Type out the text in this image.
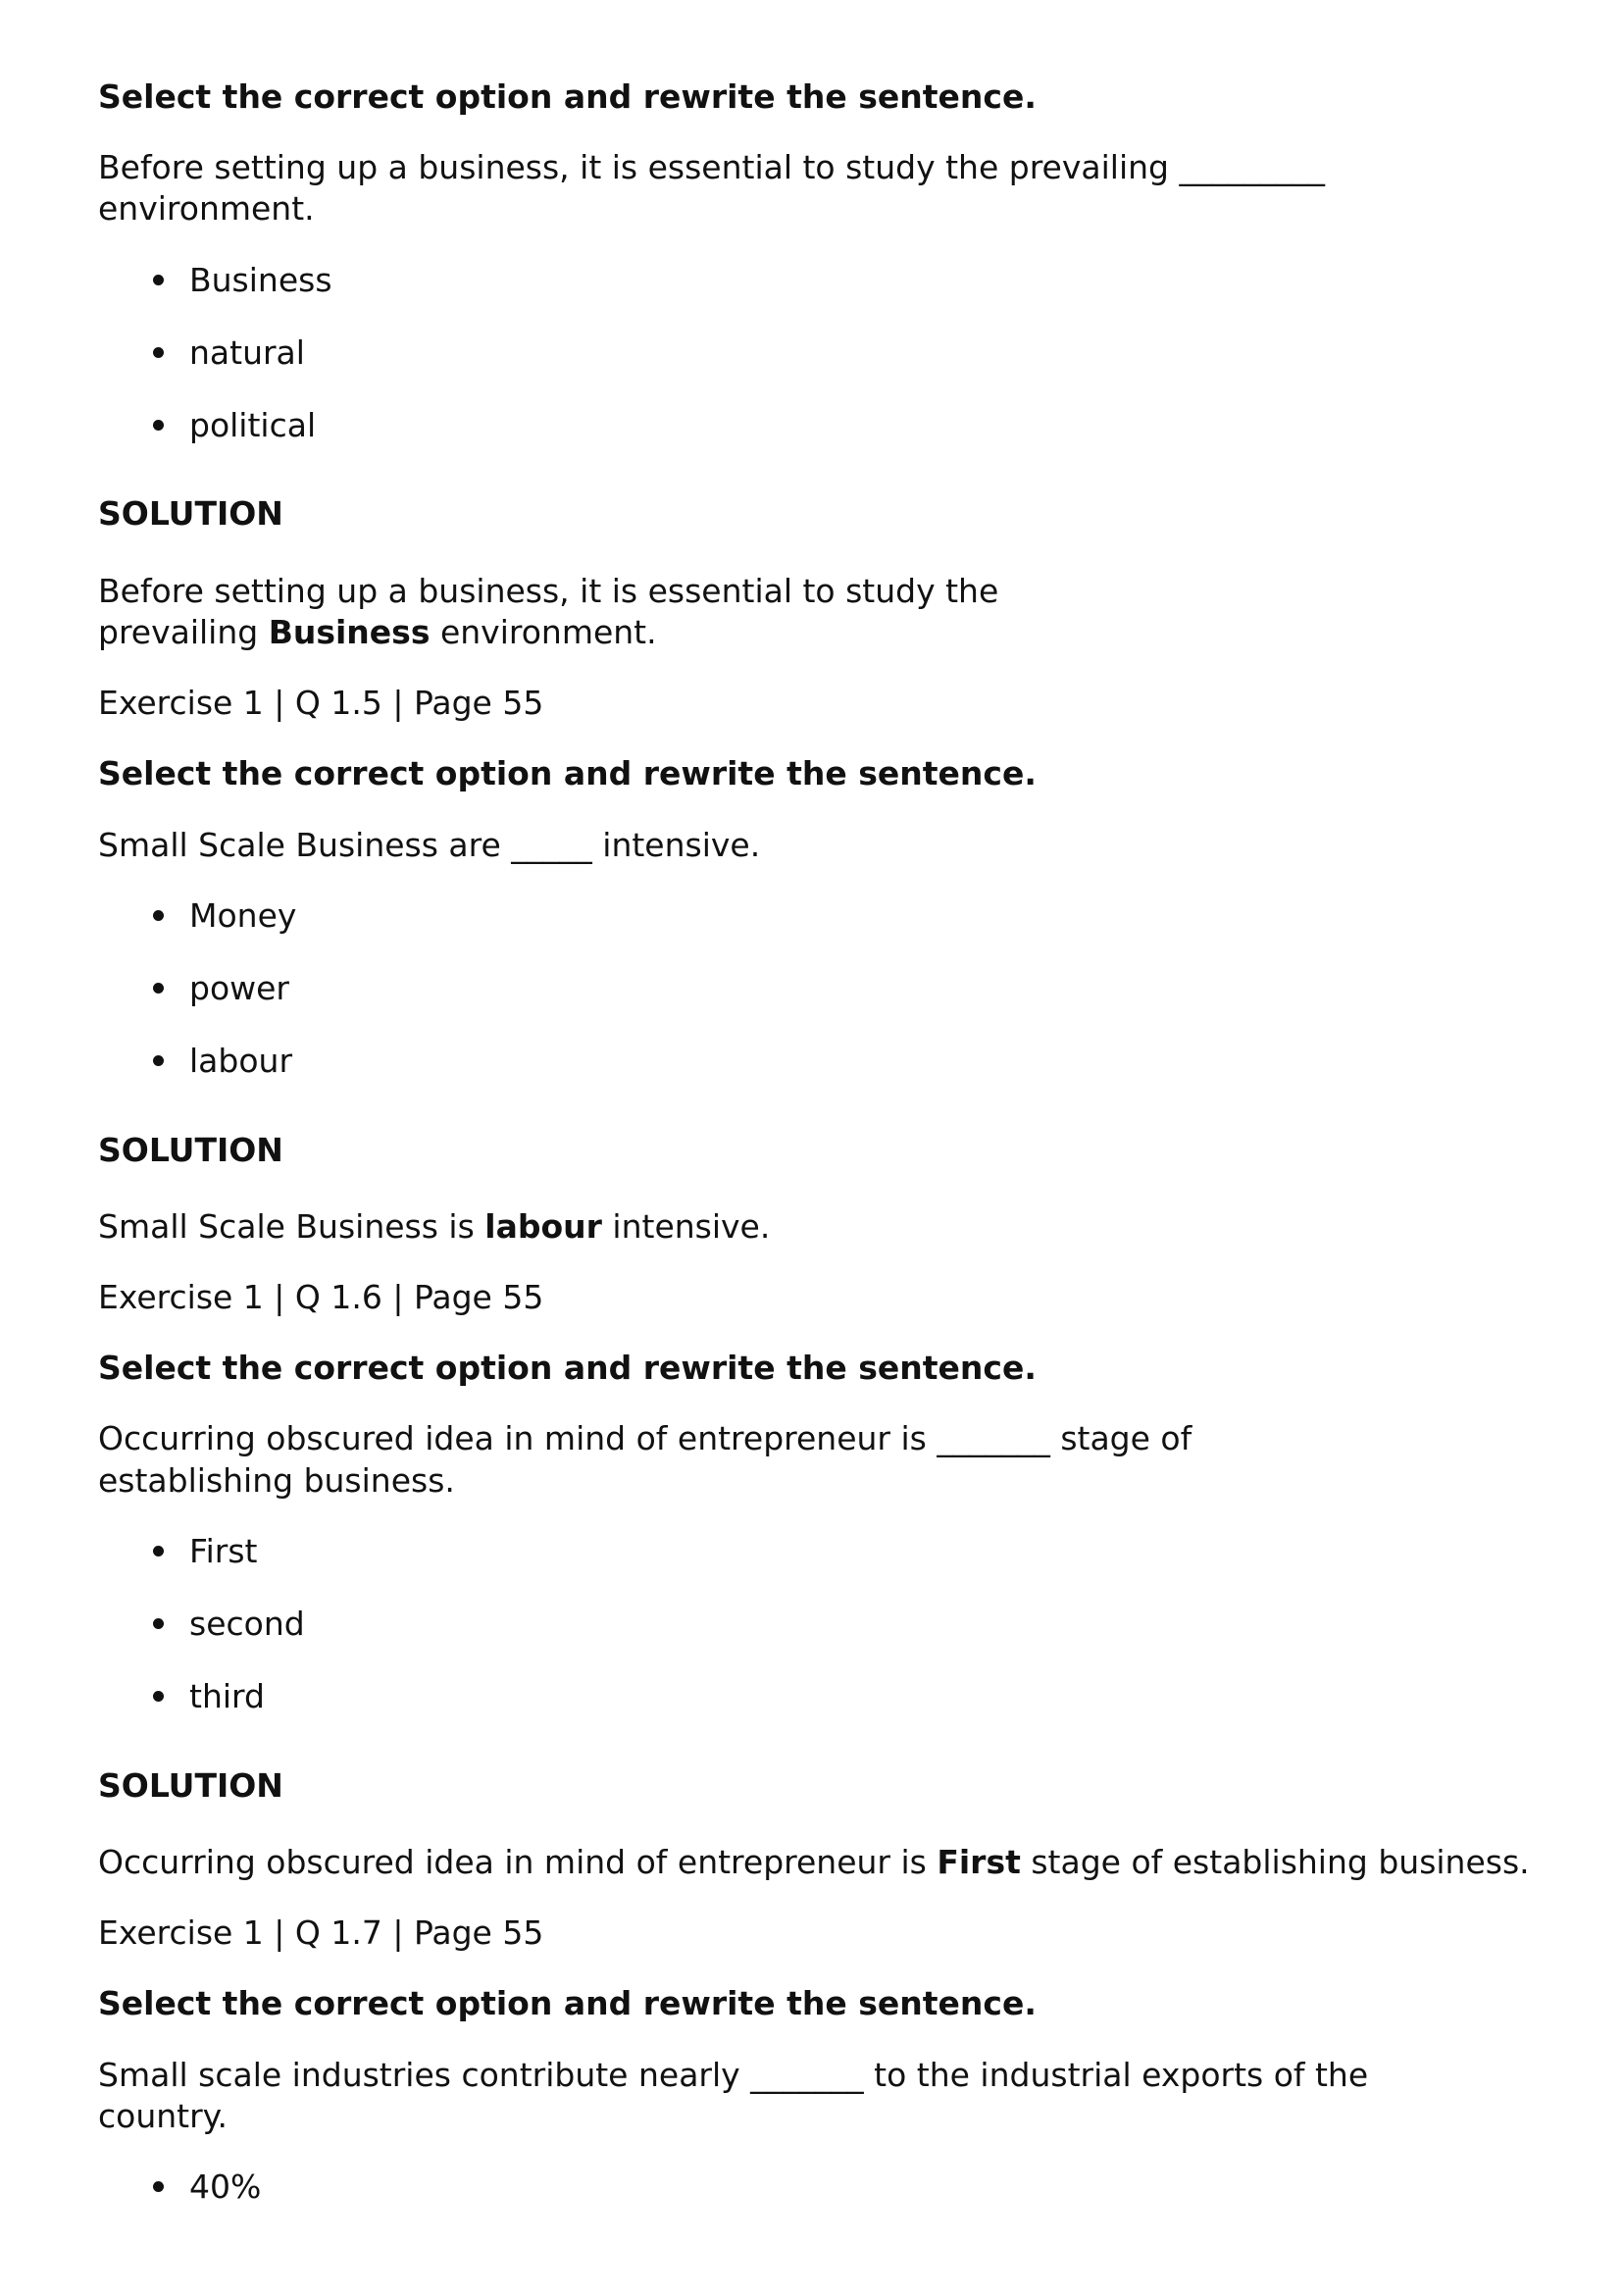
Select the correct option and rewrite the sentence.
Before setting up a business, it is essential to study the prevailing _________ environment.
Business
natural
political
SOLUTION
Before setting up a business, it is essential to study the prevailing Business environment.
Exercise 1 | Q 1.5 | Page 55
Select the correct option and rewrite the sentence.
Small Scale Business are _____ intensive.
Money
power
labour
SOLUTION
Small Scale Business is labour intensive.
Exercise 1 | Q 1.6 | Page 55
Select the correct option and rewrite the sentence.
Occurring obscured idea in mind of entrepreneur is _______ stage of establishing business.
First
second
third
SOLUTION
Occurring obscured idea in mind of entrepreneur is First stage of establishing business.
Exercise 1 | Q 1.7 | Page 55
Select the correct option and rewrite the sentence.
Small scale industries contribute nearly _______ to the industrial exports of the country.
40%
